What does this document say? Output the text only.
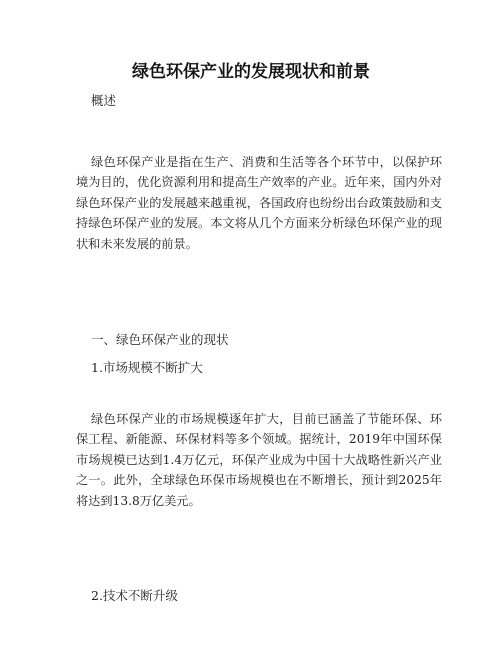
绿色环保产业的发展现状和前景

概述

绿色环保产业是指在生产、消费和生活等各个环节中，以保护环境为目的，优化资源利用和提高生产效率的产业。近年来，国内外对绿色环保产业的发展越来越重视，各国政府也纷纷出台政策鼓励和支持绿色环保产业的发展。本文将从几个方面来分析绿色环保产业的现状和未来发展的前景。

一、绿色环保产业的现状

1.市场规模不断扩大

绿色环保产业的市场规模逐年扩大，目前已涵盖了节能环保、环保工程、新能源、环保材料等多个领域。据统计，2019年中国环保市场规模已达到1.4万亿元，环保产业成为中国十大战略性新兴产业之一。此外，全球绿色环保市场规模也在不断增长，预计到2025年将达到13.8万亿美元。

2.技术不断升级
